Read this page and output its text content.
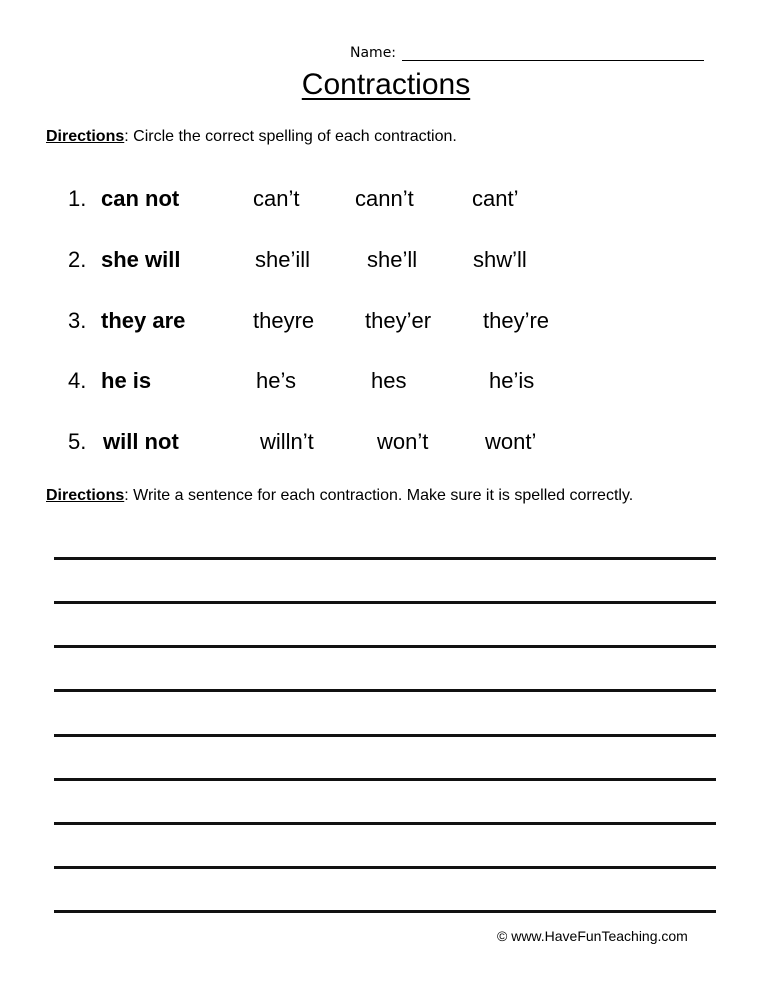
Name:
Contractions
Directions: Circle the correct spelling of each contraction.
1. can not	can’t	cann’t	cant’
2. she will	she’ill	she’ll	shw’ll
3. they are	theyre they’er they’re
4. he is	he’s	hes	he’is
5. will not	willn’t	won’t	wont’
Directions: Write a sentence for each contraction. Make sure it is spelled correctly.
© www.HaveFunTeaching.com
